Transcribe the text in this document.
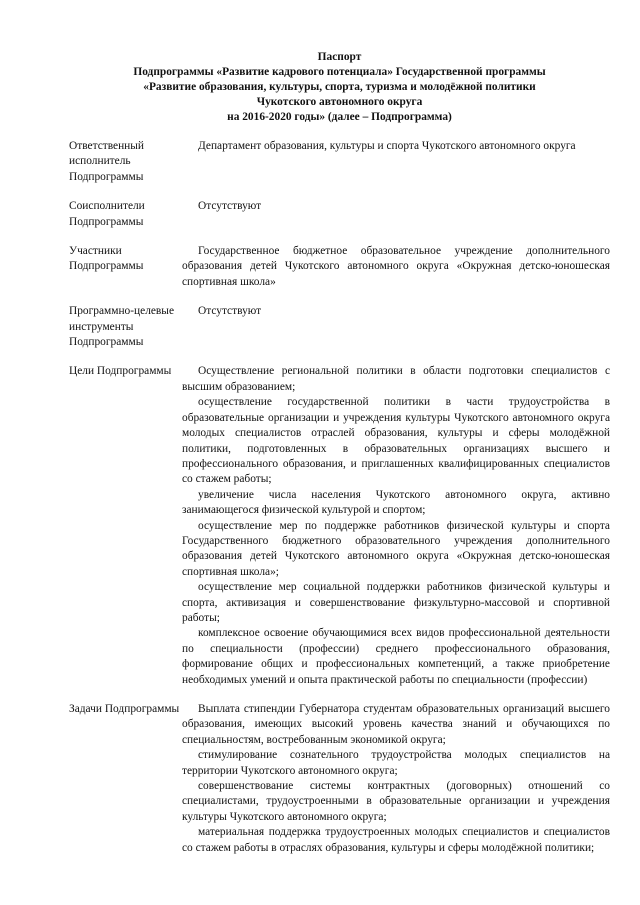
Паспорт
Подпрограммы «Развитие кадрового потенциала» Государственной программы
«Развитие образования, культуры, спорта, туризма и молодёжной политики
Чукотского автономного округа
на 2016-2020 годы» (далее – Подпрограмма)
Ответственный исполнитель Подпрограммы

Департамент образования, культуры и спорта Чукотского автономного округа

Соисполнители Подпрограммы

Отсутствуют

Участники Подпрограммы

Государственное бюджетное образовательное учреждение дополнительного образования детей Чукотского автономного округа «Окружная детско-юношеская спортивная школа»

Программно-целевые инструменты Подпрограммы

Отсутствуют

Цели Подпрограммы	Осуществление региональной политики в области подготовки специалистов с высшим образованием;

осуществление государственной политики в части трудоустройства в образовательные организации и учреждения культуры Чукотского автономного округа молодых специалистов отраслей образования, культуры и сферы молодёжной политики, подготовленных в образовательных организациях высшего и профессионального образования, и приглашенных квалифицированных специалистов со стажем работы;

увеличение числа населения Чукотского автономного округа, активно занимающегося физической культурой и спортом;

осуществление мер по поддержке работников физической культуры и спорта Государственного бюджетного образовательного учреждения дополнительного образования детей Чукотского автономного округа «Окружная детско-юношеская спортивная школа»;

осуществление мер социальной поддержки работников физической культуры и спорта, активизация и совершенствование физкультурно-массовой и спортивной работы;

комплексное освоение обучающимися всех видов профессиональной деятельности по специальности (профессии) среднего профессионального образования, формирование общих и профессиональных компетенций, а также приобретение необходимых умений и опыта практической работы по специальности (профессии)

Задачи Подпрограммы	Выплата стипендии Губернатора студентам образовательных организаций высшего образования, имеющих высокий уровень качества знаний и обучающихся по специальностям, востребованным экономикой округа;

стимулирование сознательного трудоустройства молодых специалистов на территории Чукотского автономного округа;

совершенствование системы контрактных (договорных) отношений со специалистами, трудоустроенными в образовательные организации и учреждения культуры Чукотского автономного округа;

материальная поддержка трудоустроенных молодых специалистов и специалистов со стажем работы в отраслях образования, культуры и сферы молодёжной политики;
